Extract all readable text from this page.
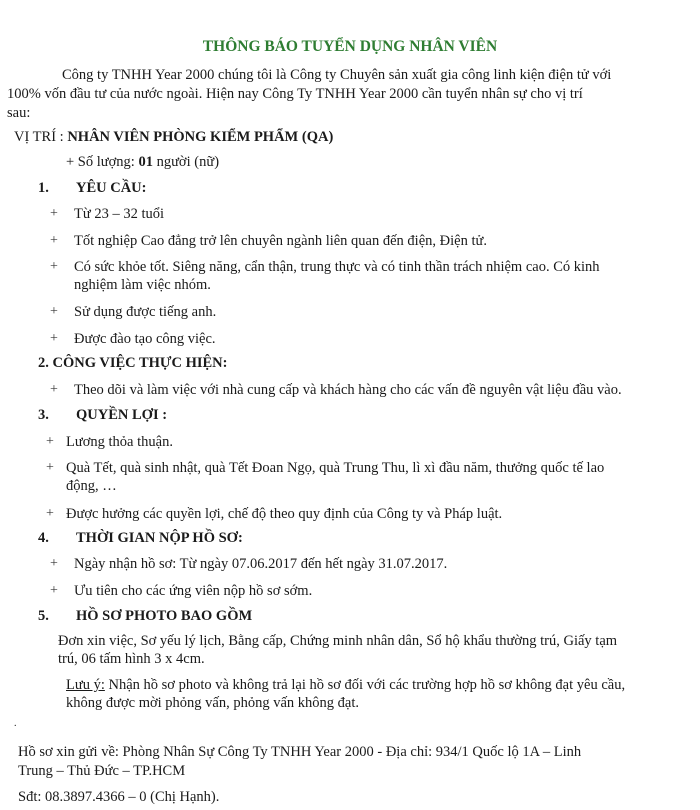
THÔNG BÁO TUYỂN DỤNG NHÂN VIÊN
Công ty TNHH Year 2000 chúng tôi là Công ty Chuyên sản xuất gia công linh kiện điện tử với
100% vốn đầu tư của nước ngoài. Hiện nay Công Ty TNHH Year 2000 cần tuyển nhân sự cho vị trí
sau:
VỊ TRÍ : NHÂN VIÊN PHÒNG KIỂM PHẨM (QA)
+ Số lượng: 01 người (nữ)
1. YÊU CẦU:
+ Từ 23 – 32 tuổi
+ Tốt nghiệp Cao đẳng trở lên chuyên ngành liên quan đến điện, Điện tử.
+ Có sức khỏe tốt. Siêng năng, cẩn thận, trung thực và có tinh thần trách nhiệm cao. Có kinh
nghiệm làm việc nhóm.
+ Sử dụng được tiếng anh.
+ Được đào tạo công việc.
2. CÔNG VIỆC THỰC HIỆN:
+ Theo dõi và làm việc với nhà cung cấp và khách hàng cho các vấn đề nguyên vật liệu đầu vào.
3. QUYỀN LỢI :
+ Lương thỏa thuận.
+ Quà Tết, quà sinh nhật, quà Tết Đoan Ngọ, quà Trung Thu, lì xì đầu năm, thưởng quốc tế lao
động, …
+ Được hưởng các quyền lợi, chế độ theo quy định của Công ty và Pháp luật.
4. THỜI GIAN NỘP HỒ SƠ:
+ Ngày nhận hồ sơ: Từ ngày 07.06.2017 đến hết ngày 31.07.2017.
+ Ưu tiên cho các ứng viên nộp hồ sơ sớm.
5. HỒ SƠ PHOTO BAO GỒM
Đơn xin việc, Sơ yếu lý lịch, Bằng cấp, Chứng minh nhân dân, Sổ hộ khẩu thường trú, Giấy tạm
trú, 06 tấm hình 3 x 4cm.
Lưu ý: Nhận hồ sơ photo và không trả lại hồ sơ đối với các trường hợp hồ sơ không đạt yêu cầu,
không được mời phỏng vấn, phỏng vấn không đạt.
.
Hồ sơ xin gửi về: Phòng Nhân Sự Công Ty TNHH Year 2000 - Địa chỉ: 934/1 Quốc lộ 1A – Linh
Trung – Thủ Đức – TP.HCM
Sđt: 08.3897.4366 – 0 (Chị Hạnh).
